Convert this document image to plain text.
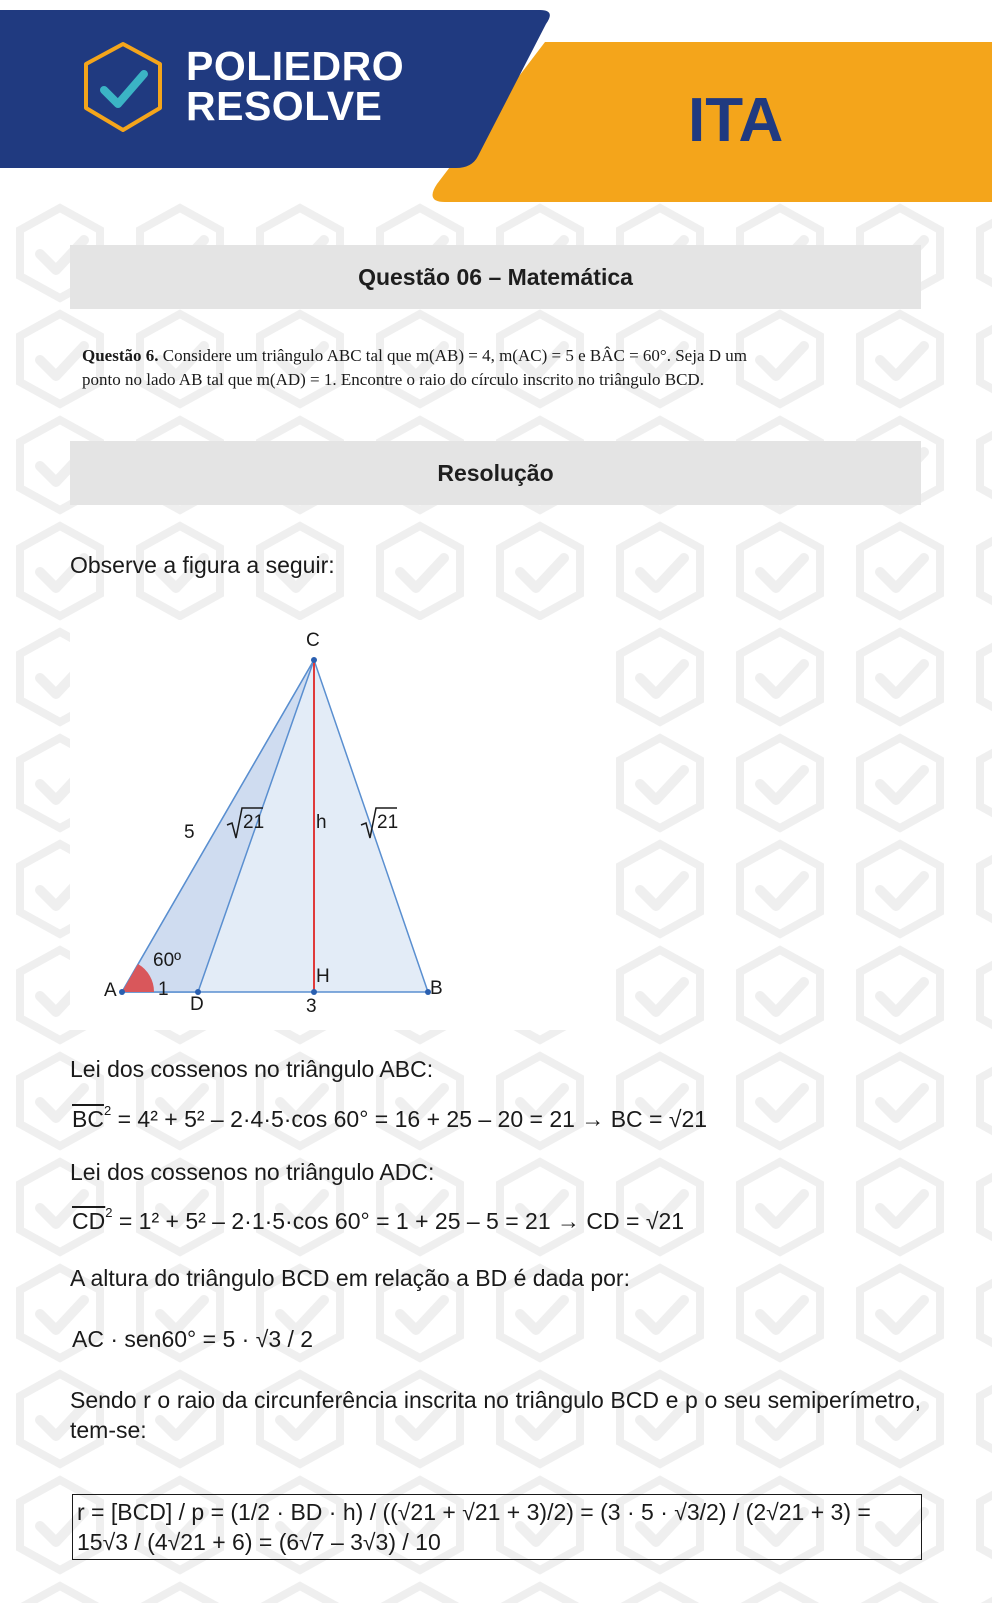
POLIEDRO
RESOLVE	ITA
Questão 06 – Matemática
Questão 6. Considere um triângulo ABC tal que m(AB) = 4, m(AC) = 5 e BÂC = 60°. Seja D um
ponto no lado AB tal que m(AD) = 1. Encontre o raio do círculo inscrito no triângulo BCD.
Resolução
Observe a figura a seguir:
C
A	B
D
H
5	21	h	21
60º
1
3
Lei dos cossenos no triângulo ABC:
$\overline{BC}^2 = 4^2 + 5^2 - 2\cdot 4\cdot 5\cdot\cos$ 60° = 16 + 25 – 20 = 21 → BC = √21
Lei dos cossenos no triângulo ADC:
$\overline{CD}^2 = 1^2 + 5^2 - 2\cdot 1\cdot 5\cdot\cos$ 60° = 1 + 25 – 5 = 21 → CD = √21
A altura do triângulo BCD em relação a BD é dada por:
AC · sen60° = 5 · √3 / 2
Sendo r o raio da circunferência inscrita no triângulo BCD e p o seu semiperímetro, tem-se:
r = [BCD] / p = (1/2 · BD · h) / ((√21 + √21 + 3)/2) = (3 · 5 · √3/2) / (2√21 + 3) = 15√3 / (4√21 + 6) = (6√7 – 3√3) / 10
